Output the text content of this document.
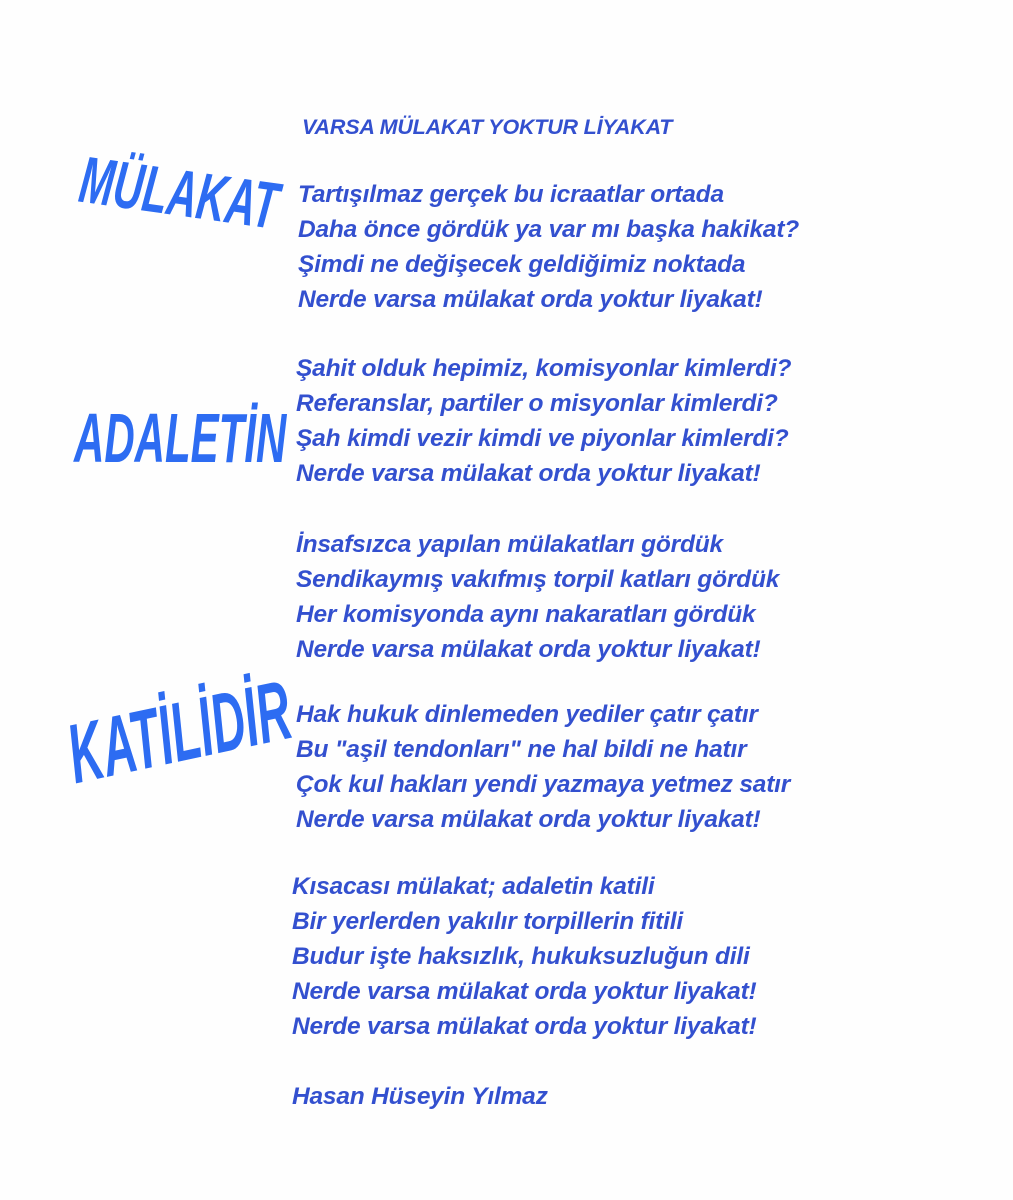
MÜLAKAT
ADALETİN
KATİLİDİR
VARSA MÜLAKAT YOKTUR LİYAKAT
Tartışılmaz gerçek bu icraatlar ortada
Daha önce gördük ya var mı başka hakikat?
Şimdi ne değişecek geldiğimiz noktada
Nerde varsa mülakat orda yoktur liyakat!
Şahit olduk hepimiz, komisyonlar kimlerdi?
Referanslar, partiler o misyonlar kimlerdi?
Şah kimdi vezir kimdi ve piyonlar kimlerdi?
Nerde varsa mülakat orda yoktur liyakat!
İnsafsızca yapılan mülakatları gördük
Sendikaymış vakıfmış torpil katları gördük
Her komisyonda aynı nakaratları gördük
Nerde varsa mülakat orda yoktur liyakat!
Hak hukuk dinlemeden yediler çatır çatır
Bu "aşil tendonları" ne hal bildi ne hatır
Çok kul hakları yendi yazmaya yetmez satır
Nerde varsa mülakat orda yoktur liyakat!
Kısacası mülakat; adaletin katili
Bir yerlerden yakılır torpillerin fitili
Budur işte haksızlık, hukuksuzluğun dili
Nerde varsa mülakat orda yoktur liyakat!
Nerde varsa mülakat orda yoktur liyakat!
Hasan Hüseyin Yılmaz
